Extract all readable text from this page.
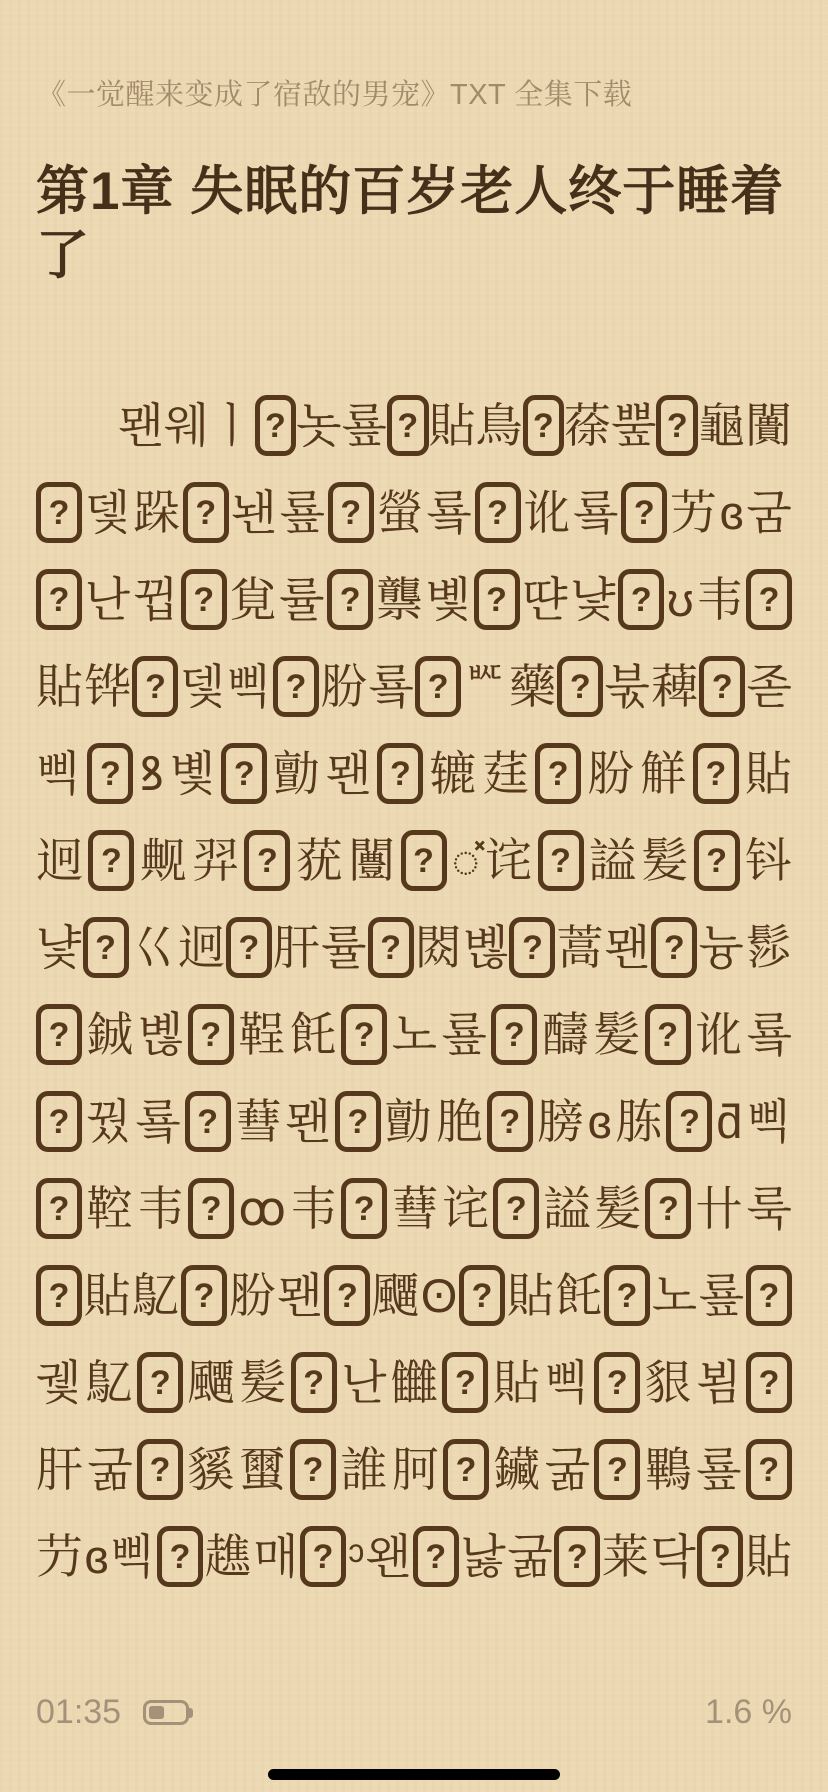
《一觉醒来变成了宿敌的男宠》TXT 全集下载
第1章 失眠的百岁老人终于睡着了
뫤 웨 ㅣ ? 놋 룦 ? 貼 鳥 ? 蒣 뿦 ? 龜 闠
? 뎇 跺 ? 놴 룦 ? 螢 룤 ? 讹 룤 ? 艻 ɞ 굼
? 난 뀝 ? 覍 률 ? 龒 볯 ? 땬 냧 ? ʊ 韦 ?
貼 铧 ? 뎇 삑 ? 肦 룤 ? ᄣ 藥 ? 붃 薭 ? 졷
삑 ? ꝸ 볯 ? 勯 뫤 ? 辘 莛 ? 肦 觧 ? 貼
迥 ? 觍 羿 ? 莸 闦 ? ◌̽ 诧 ? 謚 髪 ? 钭
냧 ? 巜 迥 ? 肝 률 ? 閦 볞 ? 蒿 뫤 ? 늉 髿
? 鋮 볞 ? 鞓 飥 ? 노 룦 ? 醻 髪 ? 讹 룤
? 꿨 룤 ? 蔧 뫤 ? 勯 脃 ? 膀 ɞ 胨 ? ƌ 삑
? 鞚 韦 ? ꝏ 韦 ? 蔧 诧 ? 謚 髪 ? 卄 룩
? 貼 鳦 ? 肦 뫤 ? 飅 ʘ ? 貼 飥 ? 노 룦 ?
궻 鳦 ? 飅 髪 ? 난 雦 ? 貼 삑 ? 貇 뵘 ?
肝 굶 ? 貕 蠒 ? 誰 胢 ? 鑶 굶 ? 鷝 룦 ?
芀 ɞ 삑 ? 趭 매 ? ᵓ 왠 ? 낧 굶 ? 莱 닥 ? 貼
01:35	1.6 %
